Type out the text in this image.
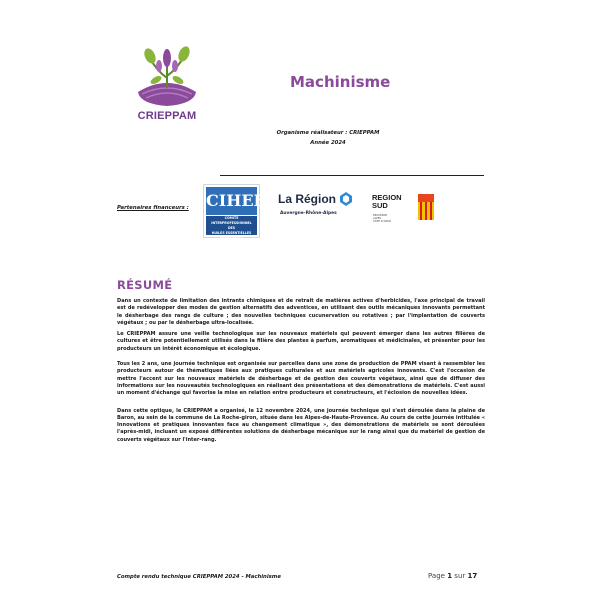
CRIEPPAM
Machinisme
Organisme réalisateur : CRIEPPAM
Année 2024
Partenaires financeurs : CIHEF
COMITE INTERPROFESSIONNEL
DES
HUILES ESSENTIELLES FRANÇAISES
La Région
Auvergne-Rhône-Alpes
REGION
SUD
PROVENCE
ALPES
CÔTE D'AZUR
RÉSUMÉ

Dans un contexte de limitation des intrants chimiques et de retrait de matières actives d'herbicides, l'axe principal de travail est de redévelopper des modes de gestion alternatifs des adventices, en utilisant des outils mécaniques innovants permettant le désherbage des rangs de culture ; des nouvelles techniques cucunervation ou rotatives ; par l'implantation de couverts végétaux ; ou par le désherbage ultra-localisée.

Le CRIEPPAM assure une veille technologique sur les nouveaux matériels qui peuvent émerger dans les autres filières de cultures et être potentiellement utilisés dans la filière des plantes à parfum, aromatiques et médicinales, et présenter pour les producteurs un intérêt économique et écologique.

Tous les 2 ans, une journée technique est organisée sur parcelles dans une zone de production de PPAM visant à rassembler les producteurs autour de thématiques liées aux pratiques culturales et aux matériels agricoles innovants. C'est l'occasion de mettre l'accent sur les nouveaux matériels de désherbage et de gestion des couverts végétaux, ainsi que de diffuser des informations sur les nouveautés technologiques en réalisant des présentations et des démonstrations de matériels. C'est aussi un moment d'échange qui favorise la mise en relation entre producteurs et constructeurs, et l'éclosion de nouvelles idées.

Dans cette optique, le CRIEPPAM a organisé, le 12 novembre 2024, une journée technique qui s'est déroulée dans la plaine de Baron, au sein de la commune de La Roche-giron, située dans les Alpes-de-Haute-Provence. Au cours de cette journée intitulée « Innovations et pratiques innovantes face au changement climatique », des démonstrations de matériels se sont déroulées l'après-midi, incluant un exposé différentes solutions de désherbage mécanique sur le rang ainsi que du matériel de gestion de couverts végétaux sur l'inter-rang.

Compte rendu technique CRIEPPAM 2024 - Machinisme	Page 1 sur 17
